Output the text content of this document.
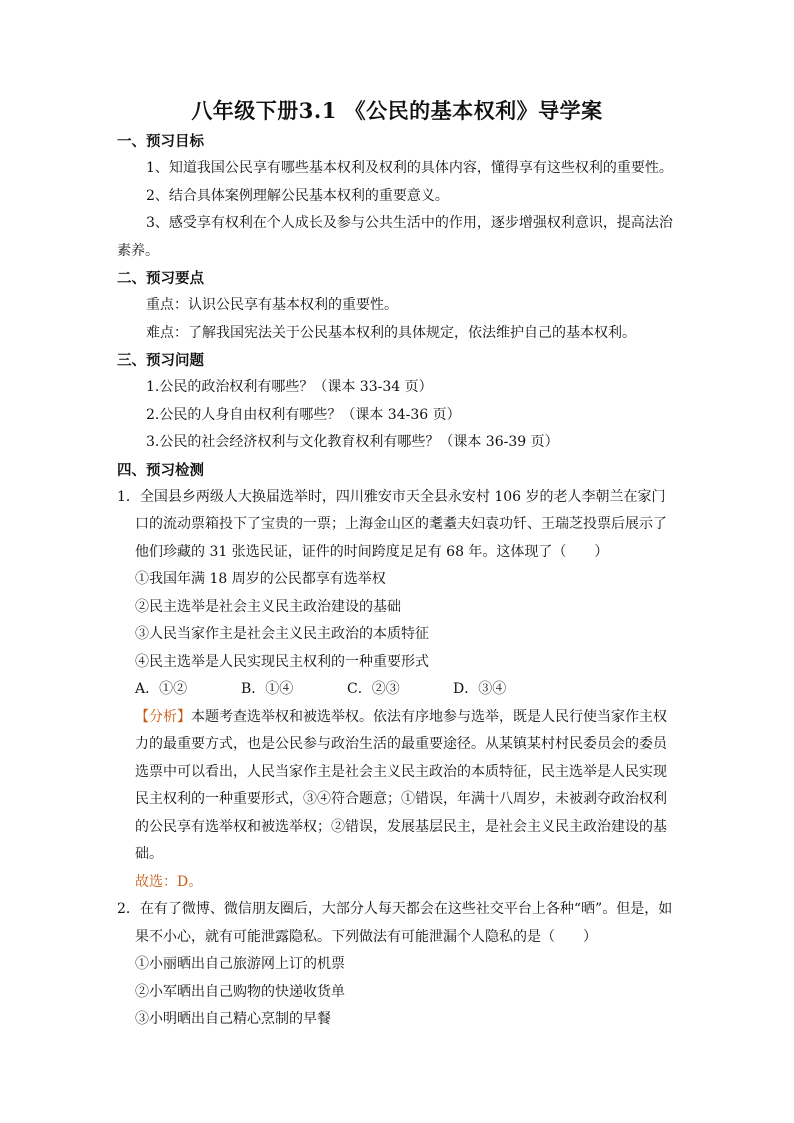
八年级下册3.1 《公民的基本权利》导学案
一、预习目标
1、知道我国公民享有哪些基本权利及权利的具体内容，懂得享有这些权利的重要性。
2、结合具体案例理解公民基本权利的重要意义。
3、感受享有权利在个人成长及参与公共生活中的作用，逐步增强权利意识，提高法治素养。
二、预习要点
重点：认识公民享有基本权利的重要性。
难点：了解我国宪法关于公民基本权利的具体规定，依法维护自己的基本权利。
三、预习问题
1.公民的政治权利有哪些？（课本 33-34 页）
2.公民的人身自由权利有哪些？（课本 34-36 页）
3.公民的社会经济权利与文化教育权利有哪些？（课本 36-39 页）
四、预习检测
1．全国县乡两级人大换届选举时，四川雅安市天全县永安村 106 岁的老人李朝兰在家门口的流动票箱投下了宝贵的一票；上海金山区的耄耋夫妇袁功钎、王瑞芝投票后展示了他们珍藏的 31 张选民证，证件的时间跨度足足有 68 年。这体现了（　　）
①我国年满 18 周岁的公民都享有选举权
②民主选举是社会主义民主政治建设的基础
③人民当家作主是社会主义民主政治的本质特征
④民主选举是人民实现民主权利的一种重要形式
A．①②	B．①④	C．②③	D．③④
【分析】本题考查选举权和被选举权。依法有序地参与选举，既是人民行使当家作主权力的最重要方式，也是公民参与政治生活的最重要途径。从某镇某村村民委员会的委员选票中可以看出，人民当家作主是社会主义民主政治的本质特征，民主选举是人民实现民主权利的一种重要形式，③④符合题意；①错误，年满十八周岁，未被剥夺政治权利的公民享有选举权和被选举权；②错误，发展基层民主，是社会主义民主政治建设的基础。
故选：D。
2．在有了微博、微信朋友圈后，大部分人每天都会在这些社交平台上各种“晒”。但是，如果不小心，就有可能泄露隐私。下列做法有可能泄漏个人隐私的是（　　）
①小丽晒出自己旅游网上订的机票
②小军晒出自己购物的快递收货单
③小明晒出自己精心烹制的早餐
